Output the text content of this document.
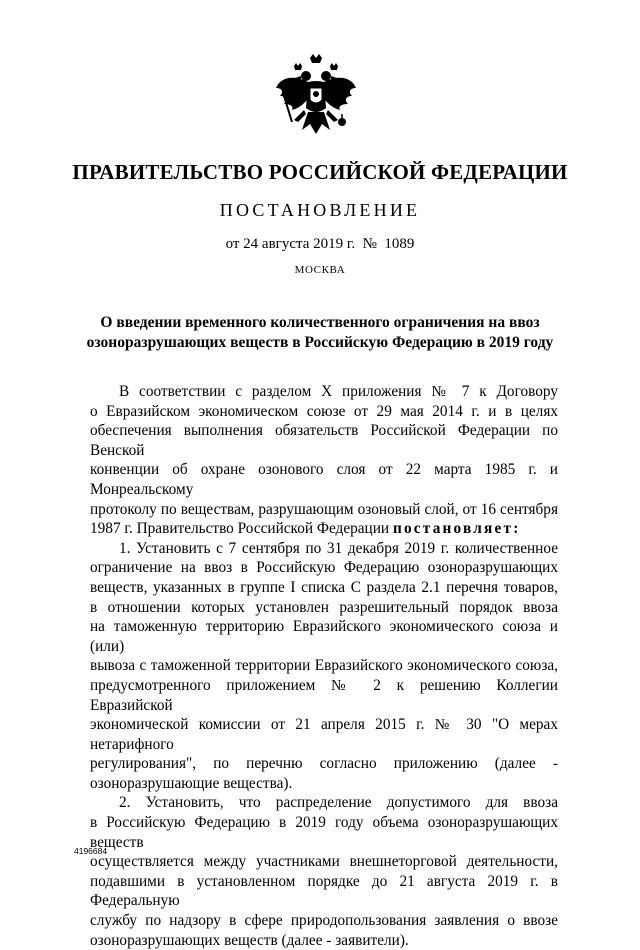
ПРАВИТЕЛЬСТВО РОССИЙСКОЙ ФЕДЕРАЦИИ
ПОСТАНОВЛЕНИЕ
от 24 августа 2019 г. № 1089
МОСКВА
О введении временного количественного ограничения на ввоз
озоноразрушающих веществ в Российскую Федерацию в 2019 году

В соответствии с разделом X приложения № 7 к Договору

о Евразийском экономическом союзе от 29 мая 2014 г. и в целях

обеспечения выполнения обязательств Российской Федерации по Венской

конвенции об охране озонового слоя от 22 марта 1985 г. и Монреальскому

протоколу по веществам, разрушающим озоновый слой, от 16 сентября

1987 г. Правительство Российской Федерации постановляет:

1. Установить с 7 сентября по 31 декабря 2019 г. количественное

ограничение на ввоз в Российскую Федерацию озоноразрушающих

веществ, указанных в группе I списка С раздела 2.1 перечня товаров,

в отношении которых установлен разрешительный порядок ввоза

на таможенную территорию Евразийского экономического союза и (или)

вывоза с таможенной территории Евразийского экономического союза,

предусмотренного приложением № 2 к решению Коллегии Евразийской

экономической комиссии от 21 апреля 2015 г. № 30 "О мерах нетарифного

регулирования", по перечню согласно приложению (далее -

озоноразрушающие вещества).

2. Установить, что распределение допустимого для ввоза

в Российскую Федерацию в 2019 году объема озоноразрушающих веществ

осуществляется между участниками внешнеторговой деятельности,

подавшими в установленном порядке до 21 августа 2019 г. в Федеральную

службу по надзору в сфере природопользования заявления о ввозе

озоноразрушающих веществ (далее - заявители).

4196684
